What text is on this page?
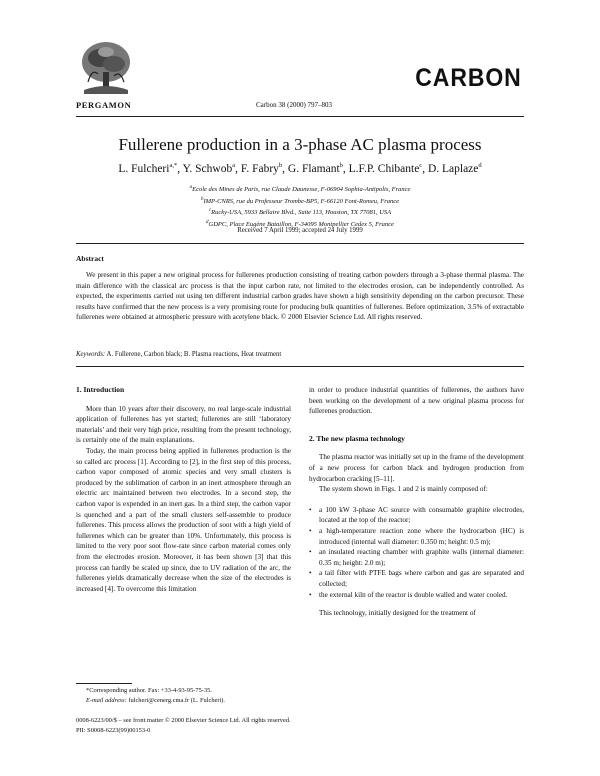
PERGAMON	Carbon 38 (2000) 797–803
CARBON
Fullerene production in a 3-phase AC plasma process
L. Fulcheri$^{a,*}$, Y. Schwob$^a$, F. Fabry$^b$, G. Flamant$^b$, L.F.P. Chibante$^c$, D. Laplaze$^d$
$^a$Ecole des Mines de Paris, rue Claude Daunesse, F-06904 Sophia-Antipolis, France
$^b$IMP-CNRS, rue du Professeur Trombe-BP5, F-66120 Font-Romeu, France
$^c$Rucky-USA, 5933 Bellaire Blvd., Suite 113, Houston, TX 77081, USA
$^d$GDPC, Place Eugène Bataillon, F-34095 Montpellier Cedex 5, France
Received 7 April 1999; accepted 24 July 1999
Abstract
We present in this paper a new original process for fullerenes production consisting of treating carbon powders through a 3-phase thermal plasma. The main difference with the classical arc process is that the input carbon rate, not limited to the electrodes erosion, can be independently controlled. As expected, the experiments carried out using ten different industrial carbon grades have shown a high sensitivity depending on the carbon precursor. These results have confirmed that the new process is a very promising route for producing bulk quantities of fullerenes. Before optimization, 3.5% of extractable fullerenes were obtained at atmospheric pressure with acetylene black. © 2000 Elsevier Science Ltd. All rights reserved.
Keywords: A. Fullerene, Carbon black; B. Plasma reactions, Heat treatment
1. Introduction

More than 10 years after their discovery, no real large-scale industrial application of fullerenes has yet started; fullerenes are still ‘laboratory materials’ and their very high price, resulting from the present technology, is certainly one of the main explanations.

Today, the main process being applied in fullerenes production is the so called arc process [1]. According to [2], in the first step of this process, carbon vapor composed of atomic species and very small clusters is produced by the sublimation of carbon in an inert atmosphere through an electric arc maintained between two electrodes. In a second step, the carbon vapor is expended in an inert gas. In a third step, the carbon vapor is quenched and a part of the small clusters self-assemble to produce fullerenes. This process allows the production of soot with a high yield of fullerenes which can be greater than 10%. Unfortunately, this process is limited to the very poor soot flow-rate since carbon material comes only from the electrodes erosion. Moreover, it has been shown [3] that this process can hardly be scaled up since, due to UV radiation of the arc, the fullerenes yields dramatically decrease when the size of the electrodes is increased [4]. To overcome this limitation

in order to produce industrial quantities of fullerenes, the authors have been working on the development of a new original plasma process for fullerenes production.

2. The new plasma technology

The plasma reactor was initially set up in the frame of the development of a new process for carbon black and hydrogen production from hydrocarbon cracking [5–11].

The system shown in Figs. 1 and 2 is mainly composed of:

• a 100 kW 3-phase AC source with consumable graphite electrodes, located at the top of the reactor;
• a high-temperature reaction zone where the hydrocarbon (HC) is introduced (internal wall diameter: 0.350 m; height: 0.5 m);
• an insulated reacting chamber with graphite walls (internal diameter: 0.35 m; height: 2.0 m);
• a tail filter with PTFE bags where carbon and gas are separated and collected;
• the external kiln of the reactor is double walled and water cooled.

This technology, initially designed for the treatment of

*Corresponding author. Fax: +33-4-93-95-75-35.
E-mail address: fulcheri@cenerg.cma.fr (L. Fulcheri).
0008-6223/00/$ – see front matter © 2000 Elsevier Science Ltd. All rights reserved.
PII: S0008-6223(99)00153-0
